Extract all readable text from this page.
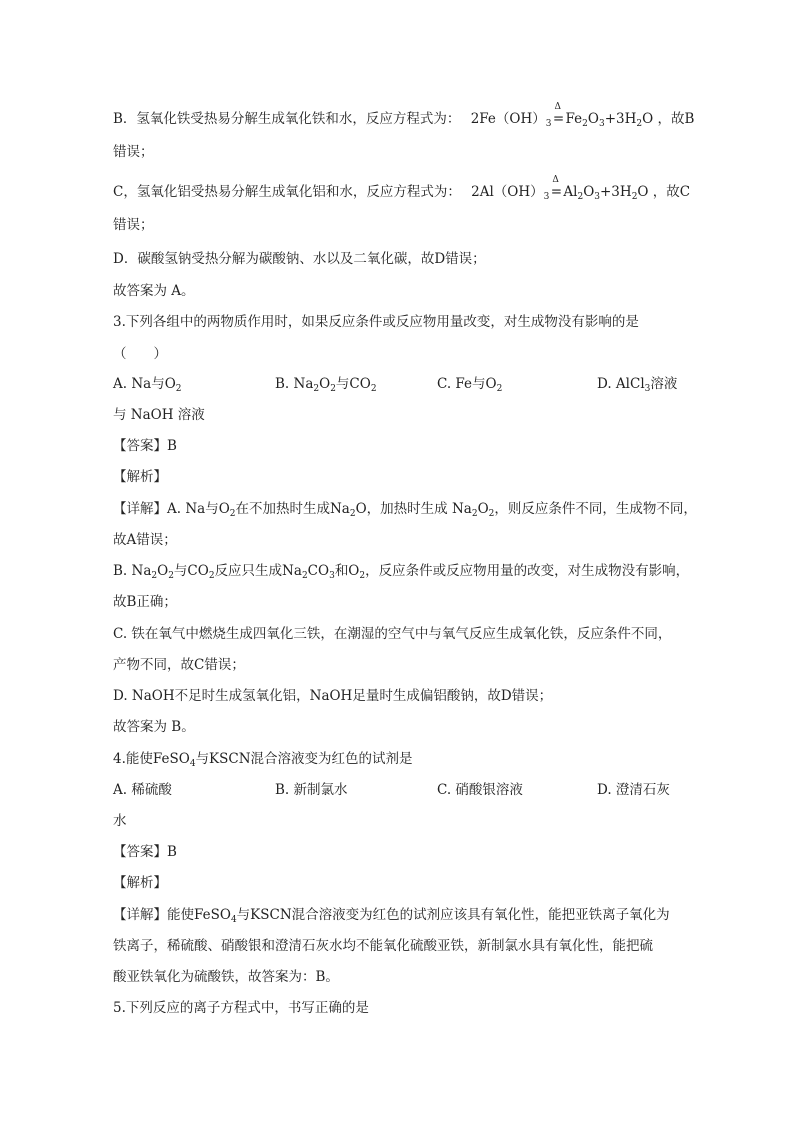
B．氢氧化铁受热易分解生成氧化铁和水，反应方程式为： $2Fe(OH)_3$
Δ
$=Fe_2O_3+3H_2O$ ，故B
错误；
C，氢氧化铝受热易分解生成氧化铝和水，反应方程式为： $2Al(OH)_3$
Δ
$=Al_2O_3+3H_2O$ ，故C
错误；
D．碳酸氢钠受热分解为碳酸钠、水以及二氧化碳，故D错误；
故答案为 A。
3.下列各组中的两物质作用时，如果反应条件或反应物用量改变，对生成物没有影响的是
（　　）
A. Na与$O_2$	B. $Na_2O_2$与$CO_2$	C. Fe与$O_2$	D. AlCl$_3$溶液
与 NaOH 溶液
【答案】B
【解析】
【详解】A. Na与$O_2$在不加热时生成$Na_2O$，加热时生成 $Na_2O_2$，则反应条件不同，生成物不同，
故A错误；
B. $Na_2O_2$与$CO_2$反应只生成$Na_2CO_3$和$O_2$，反应条件或反应物用量的改变，对生成物没有影响，
故B正确；
C. 铁在氧气中燃烧生成四氧化三铁，在潮湿的空气中与氧气反应生成氧化铁，反应条件不同，
产物不同，故C错误；
D. NaOH不足时生成氢氧化铝，NaOH足量时生成偏铝酸钠，故D错误；
故答案为 B。
4.能使FeSO$_4$与KSCN混合溶液变为红色的试剂是
A. 稀硫酸	B. 新制氯水	C. 硝酸银溶液	D. 澄清石灰
水
【答案】B
【解析】
【详解】能使FeSO$_4$与KSCN混合溶液变为红色的试剂应该具有氧化性，能把亚铁离子氧化为
铁离子，稀硫酸、硝酸银和澄清石灰水均不能氧化硫酸亚铁，新制氯水具有氧化性，能把硫
酸亚铁氧化为硫酸铁，故答案为：B。
5.下列反应的离子方程式中，书写正确的是
